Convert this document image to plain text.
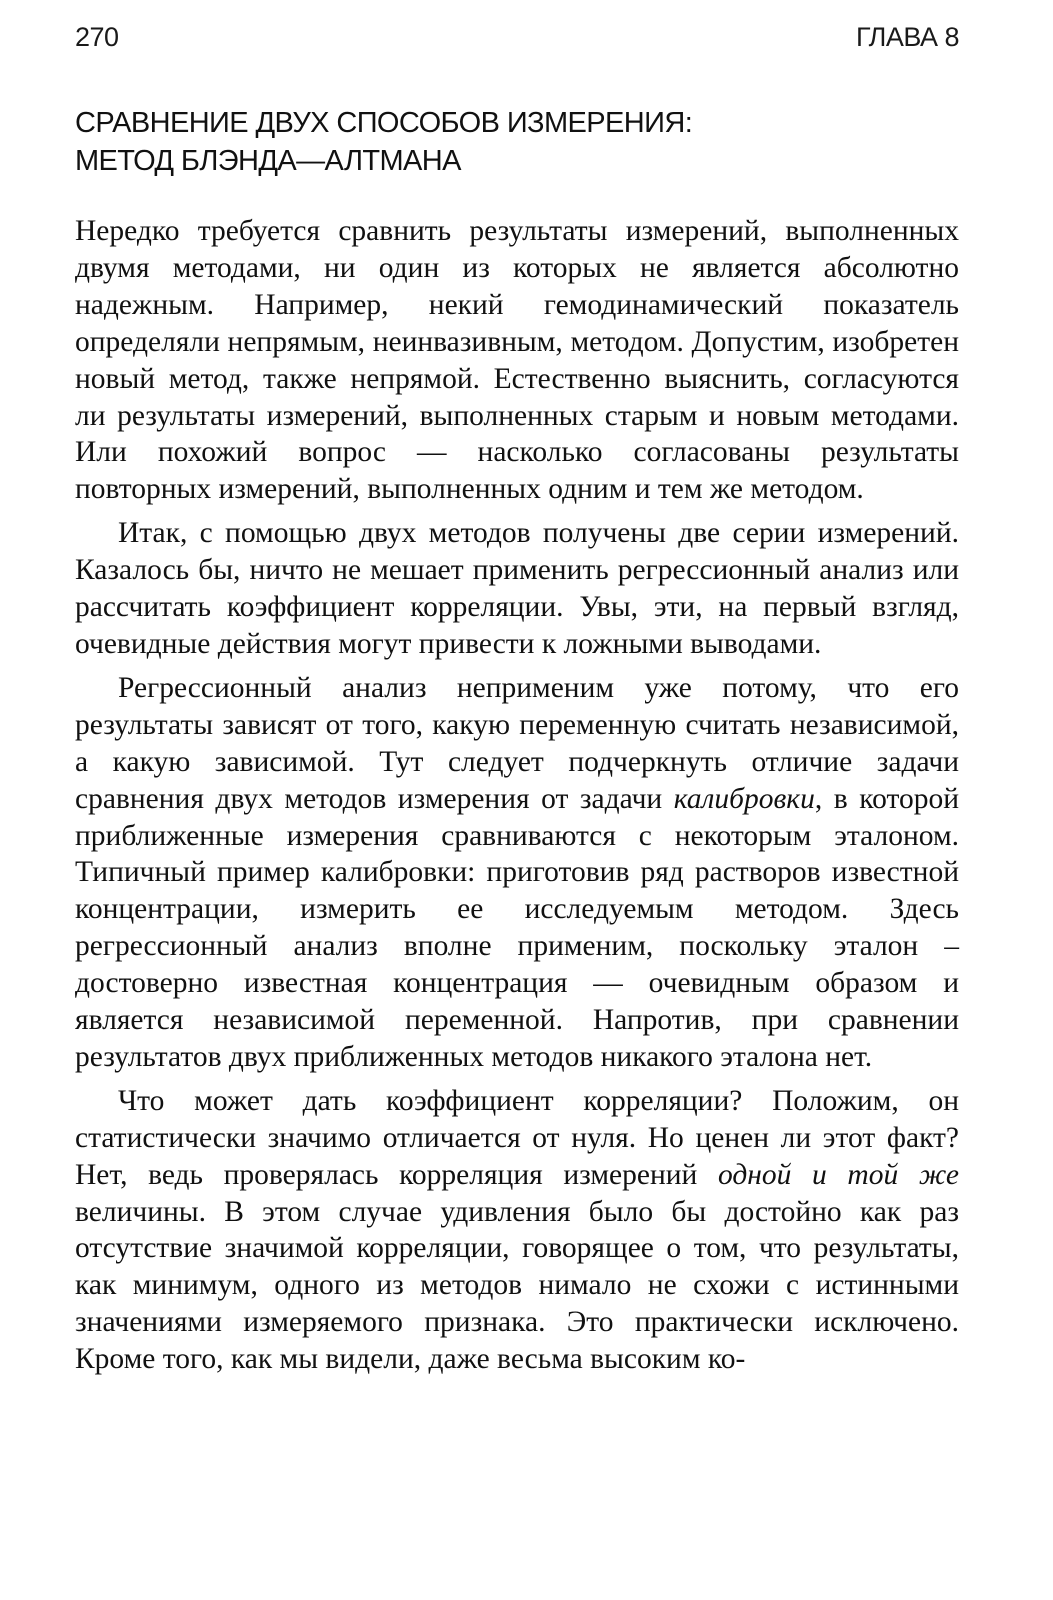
270	ГЛАВА 8
СРАВНЕНИЕ ДВУХ СПОСОБОВ ИЗМЕРЕНИЯ:
МЕТОД БЛЭНДА—АЛТМАНА

Нередко требуется сравнить результаты измерений, выполненных двумя методами, ни один из которых не является абсолютно надежным. Например, некий гемодинамический показатель определяли непрямым, неинвазивным, методом. Допустим, изобретен новый метод, также непрямой. Естественно выяснить, согласуются ли результаты измерений, выполненных старым и новым методами. Или похожий вопрос — насколько согласованы результаты повторных измерений, выполненных одним и тем же методом.

Итак, с помощью двух методов получены две серии измерений. Казалось бы, ничто не мешает применить регрессионный анализ или рассчитать коэффициент корреляции. Увы, эти, на первый взгляд, очевидные действия могут привести к ложными выводами.

Регрессионный анализ неприменим уже потому, что его результаты зависят от того, какую переменную считать независимой, а какую зависимой. Тут следует подчеркнуть отличие задачи сравнения двух методов измерения от задачи калибровки, в которой приближенные измерения сравниваются с некоторым эталоном. Типичный пример калибровки: приготовив ряд растворов известной концентрации, измерить ее исследуемым методом. Здесь регрессионный анализ вполне применим, поскольку эталон – достоверно известная концентрация — очевидным образом и является независимой переменной. Напротив, при сравнении результатов двух приближенных методов никакого эталона нет.

Что может дать коэффициент корреляции? Положим, он статистически значимо отличается от нуля. Но ценен ли этот факт? Нет, ведь проверялась корреляция измерений одной и той же величины. В этом случае удивления было бы достойно как раз отсутствие значимой корреляции, говорящее о том, что результаты, как минимум, одного из методов нимало не схожи с истинными значениями измеряемого признака. Это практически исключено. Кроме того, как мы видели, даже весьма высоким ко-
